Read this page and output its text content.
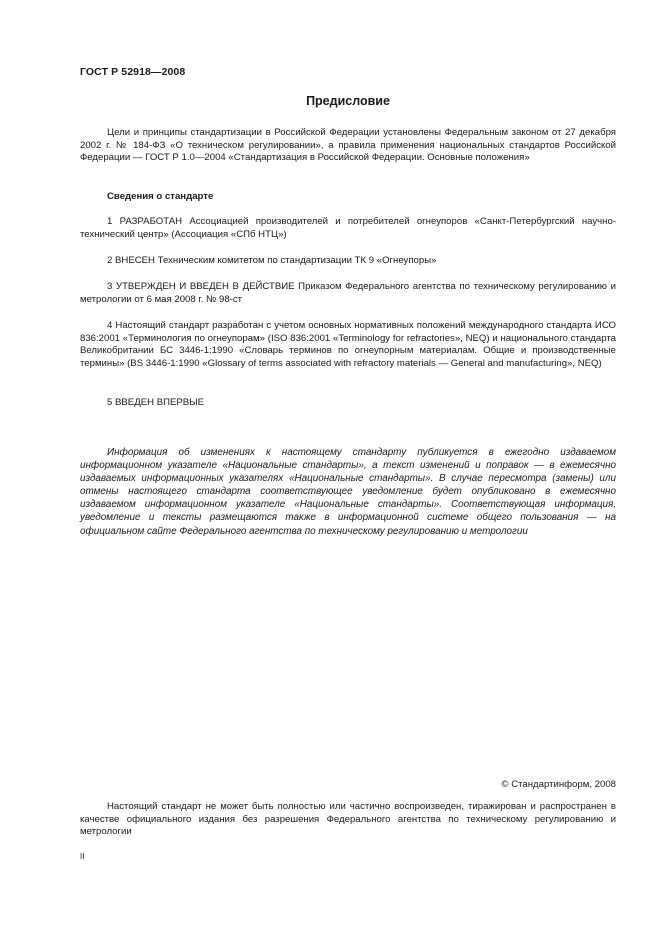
ГОСТ Р 52918—2008
Предисловие

Цели и принципы стандартизации в Российской Федерации установлены Федеральным законом от 27 декабря 2002 г. № 184-ФЗ «О техническом регулировании», а правила применения национальных стандартов Российской Федерации — ГОСТ Р 1.0—2004 «Стандартизация в Российской Федерации. Основные положения»

Сведения о стандарте

1 РАЗРАБОТАН Ассоциацией производителей и потребителей огнеупоров «Санкт-Петербургский научно-технический центр» (Ассоциация «СПб НТЦ»)

2 ВНЕСЕН Техническим комитетом по стандартизации ТК 9 «Огнеупоры»

3 УТВЕРЖДЕН И ВВЕДЕН В ДЕЙСТВИЕ Приказом Федерального агентства по техническому регулированию и метрологии от 6 мая 2008 г. № 98-ст

4 Настоящий стандарт разработан с учетом основных нормативных положений международного стандарта ИСО 836:2001 «Терминология по огнеупорам» (ISO 836:2001 «Terminology for refractories», NEQ) и национального стандарта Великобритании БС 3446-1:1990 «Словарь терминов по огнеупорным материалам. Общие и производственные термины» (BS 3446-1:1990 «Glossary of terms associated with refractory materials — General and manufacturing», NEQ)

5 ВВЕДЕН ВПЕРВЫЕ

Информация об изменениях к настоящему стандарту публикуется в ежегодно издаваемом информационном указателе «Национальные стандарты», а текст изменений и поправок — в ежемесячно издаваемых информационных указателях «Национальные стандарты». В случае пересмотра (замены) или отмены настоящего стандарта соответствующее уведомление будет опубликовано в ежемесячно издаваемом информационном указателе «Национальные стандарты». Соответствующая информация, уведомление и тексты размещаются также в информационной системе общего пользования — на официальном сайте Федерального агентства по техническому регулированию и метрологии

© Стандартинформ, 2008

Настоящий стандарт не может быть полностью или частично воспроизведен, тиражирован и распространен в качестве официального издания без разрешения Федерального агентства по техническому регулированию и метрологии

II
